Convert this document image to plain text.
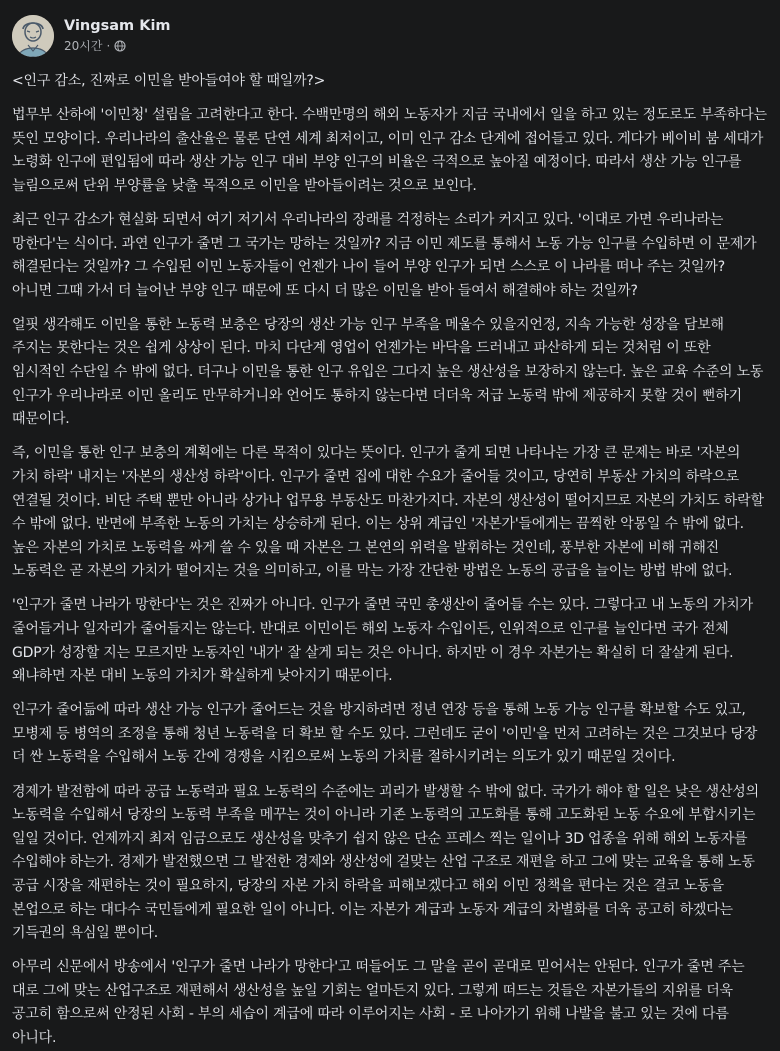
Vingsam Kim
20시간 ·

<인구 감소, 진짜로 이민을 받아들여야 할 때일까?>

법무부 산하에 '이민청' 설립을 고려한다고 한다. 수백만명의 해외 노동자가 지금 국내에서 일을 하고 있는 정도로도 부족하다는 뜻인 모양이다. 우리나라의 출산율은 물론 단연 세계 최저이고, 이미 인구 감소 단계에 접어들고 있다. 게다가 베이비 붐 세대가 노령화 인구에 편입됨에 따라 생산 가능 인구 대비 부양 인구의 비율은 극적으로 높아질 예정이다. 따라서 생산 가능 인구를 늘림으로써 단위 부양률을 낮출 목적으로 이민을 받아들이려는 것으로 보인다.

최근 인구 감소가 현실화 되면서 여기 저기서 우리나라의 장래를 걱정하는 소리가 커지고 있다. '이대로 가면 우리나라는 망한다'는 식이다. 과연 인구가 줄면 그 국가는 망하는 것일까? 지금 이민 제도를 통해서 노동 가능 인구를 수입하면 이 문제가 해결된다는 것일까? 그 수입된 이민 노동자들이 언젠가 나이 들어 부양 인구가 되면 스스로 이 나라를 떠나 주는 것일까? 아니면 그때 가서 더 늘어난 부양 인구 때문에 또 다시 더 많은 이민을 받아 들여서 해결해야 하는 것일까?

얼핏 생각해도 이민을 통한 노동력 보충은 당장의 생산 가능 인구 부족을 메울수 있을지언정, 지속 가능한 성장을 담보해 주지는 못한다는 것은 쉽게 상상이 된다. 마치 다단계 영업이 언젠가는 바닥을 드러내고 파산하게 되는 것처럼 이 또한 임시적인 수단일 수 밖에 없다. 더구나 이민을 통한 인구 유입은 그다지 높은 생산성을 보장하지 않는다. 높은 교육 수준의 노동 인구가 우리나라로 이민 올리도 만무하거니와 언어도 통하지 않는다면 더더욱 저급 노동력 밖에 제공하지 못할 것이 뻔하기 때문이다.

즉, 이민을 통한 인구 보충의 계획에는 다른 목적이 있다는 뜻이다. 인구가 줄게 되면 나타나는 가장 큰 문제는 바로 '자본의 가치 하락' 내지는 '자본의 생산성 하락'이다. 인구가 줄면 집에 대한 수요가 줄어들 것이고, 당연히 부동산 가치의 하락으로 연결될 것이다. 비단 주택 뿐만 아니라 상가나 업무용 부동산도 마찬가지다. 자본의 생산성이 떨어지므로 자본의 가치도 하락할 수 밖에 없다. 반면에 부족한 노동의 가치는 상승하게 된다. 이는 상위 계급인 '자본가'들에게는 끔찍한 악몽일 수 밖에 없다. 높은 자본의 가치로 노동력을 싸게 쓸 수 있을 때 자본은 그 본연의 위력을 발휘하는 것인데, 풍부한 자본에 비해 귀해진 노동력은 곧 자본의 가치가 떨어지는 것을 의미하고, 이를 막는 가장 간단한 방법은 노동의 공급을 늘이는 방법 밖에 없다.

'인구가 줄면 나라가 망한다'는 것은 진짜가 아니다. 인구가 줄면 국민 총생산이 줄어들 수는 있다. 그렇다고 내 노동의 가치가 줄어들거나 일자리가 줄어들지는 않는다. 반대로 이민이든 해외 노동자 수입이든, 인위적으로 인구를 늘인다면 국가 전체 GDP가 성장할 지는 모르지만 노동자인 '내가' 잘 살게 되는 것은 아니다. 하지만 이 경우 자본가는 확실히 더 잘살게 된다. 왜냐하면 자본 대비 노동의 가치가 확실하게 낮아지기 때문이다.

인구가 줄어듦에 따라 생산 가능 인구가 줄어드는 것을 방지하려면 정년 연장 등을 통해 노동 가능 인구를 확보할 수도 있고, 모병제 등 병역의 조정을 통해 청년 노동력을 더 확보 할 수도 있다. 그런데도 굳이 '이민'을 먼저 고려하는 것은 그것보다 당장 더 싼 노동력을 수입해서 노동 간에 경쟁을 시킴으로써 노동의 가치를 절하시키려는 의도가 있기 때문일 것이다.

경제가 발전함에 따라 공급 노동력과 필요 노동력의 수준에는 괴리가 발생할 수 밖에 없다. 국가가 해야 할 일은 낮은 생산성의 노동력을 수입해서 당장의 노동력 부족을 메꾸는 것이 아니라 기존 노동력의 고도화를 통해 고도화된 노동 수요에 부합시키는 일일 것이다. 언제까지 최저 임금으로도 생산성을 맞추기 쉽지 않은 단순 프레스 찍는 일이나 3D 업종을 위해 해외 노동자를 수입해야 하는가. 경제가 발전했으면 그 발전한 경제와 생산성에 걸맞는 산업 구조로 재편을 하고 그에 맞는 교육을 통해 노동 공급 시장을 재편하는 것이 필요하지, 당장의 자본 가치 하락을 피해보겠다고 해외 이민 정책을 편다는 것은 결코 노동을 본업으로 하는 대다수 국민들에게 필요한 일이 아니다. 이는 자본가 계급과 노동자 계급의 차별화를 더욱 공고히 하겠다는 기득권의 욕심일 뿐이다.

아무리 신문에서 방송에서 '인구가 줄면 나라가 망한다'고 떠들어도 그 말을 곧이 곧대로 믿어서는 안된다. 인구가 줄면 주는 대로 그에 맞는 산업구조로 재편해서 생산성을 높일 기회는 얼마든지 있다. 그렇게 떠드는 것들은 자본가들의 지위를 더욱 공고히 함으로써 안정된 사회 - 부의 세습이 계급에 따라 이루어지는 사회 - 로 나아가기 위해 나발을 불고 있는 것에 다름 아니다.
